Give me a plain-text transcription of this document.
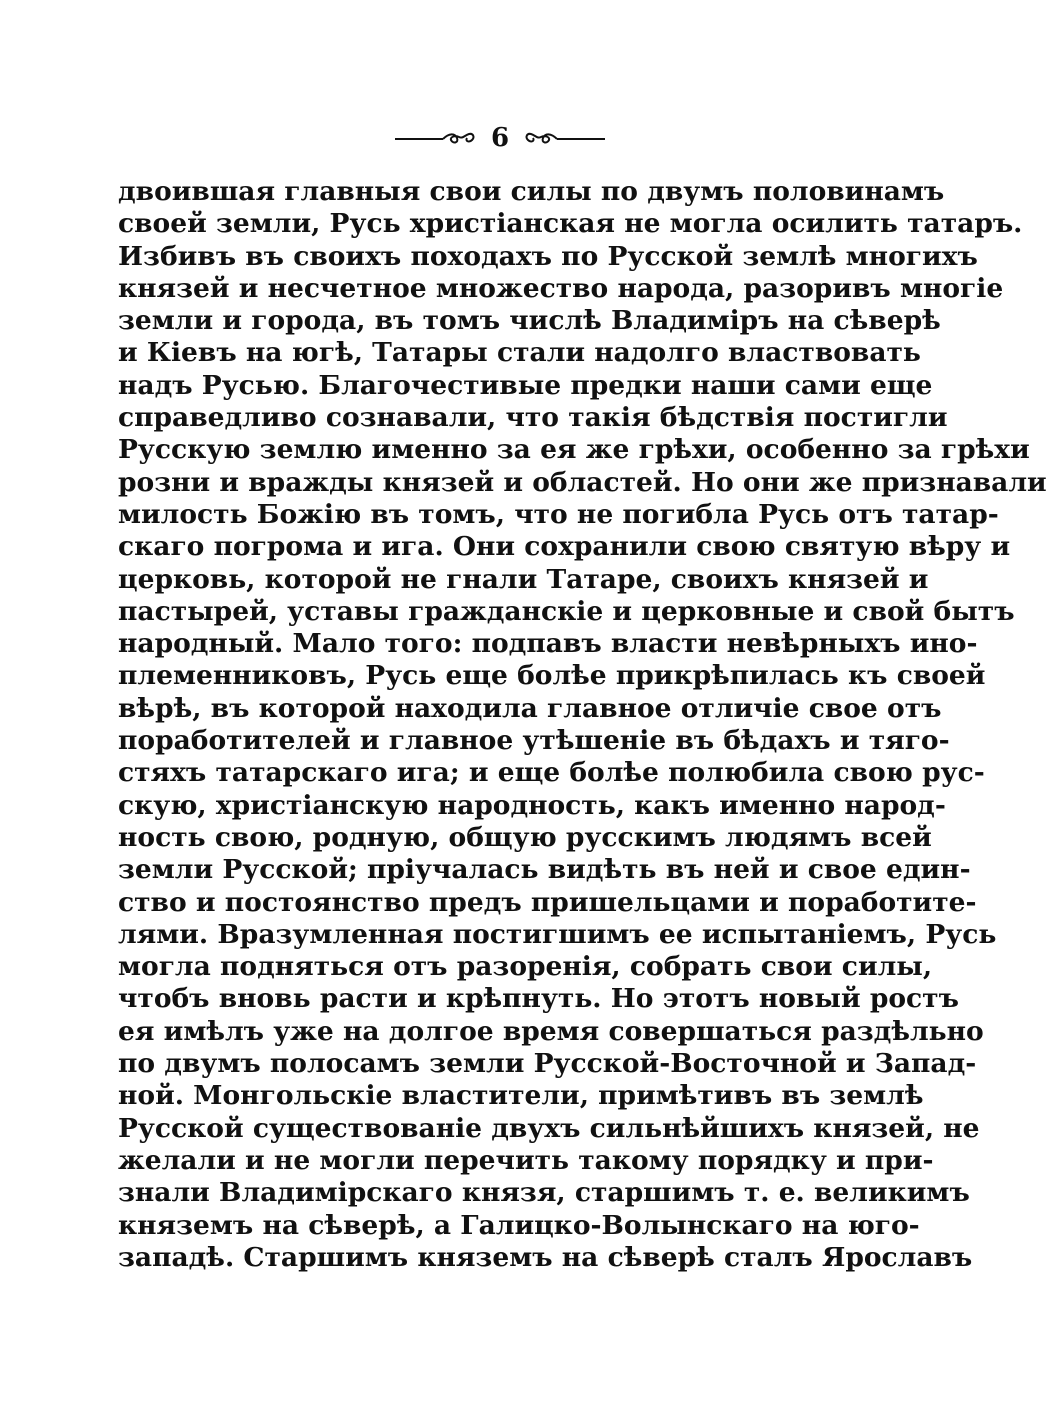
6
двоившая главныя свои силы по двумъ половинамъ
своей земли, Русь христіанская не могла осилить татаръ.
Избивъ въ своихъ походахъ по Русской землѣ многихъ
князей и несчетное множество народа, разоривъ многіе
земли и города, въ томъ числѣ Владиміръ на сѣверѣ
и Кіевъ на югѣ, Татары стали надолго властвовать
надъ Русью. Благочестивые предки наши сами еще
справедливо сознавали, что такія бѣдствія постигли
Русскую землю именно за ея же грѣхи, особенно за грѣхи
розни и вражды князей и областей. Но они же признавали
милость Божію въ томъ, что не погибла Русь отъ татар-
скаго погрома и ига. Они сохранили свою святую вѣру и
церковь, которой не гнали Татаре, своихъ князей и
пастырей, уставы гражданскіе и церковные и свой бытъ
народный. Мало того: подпавъ власти невѣрныхъ ино-
племенниковъ, Русь еще болѣе прикрѣпилась къ своей
вѣрѣ, въ которой находила главное отличіе свое отъ
поработителей и главное утѣшеніе въ бѣдахъ и тяго-
стяхъ татарскаго ига; и еще болѣе полюбила свою рус-
скую, христіанскую народность, какъ именно народ-
ность свою, родную, общую русскимъ людямъ всей
земли Русской; пріучалась видѣть въ ней и свое един-
ство и постоянство предъ пришельцами и поработите-
лями. Вразумленная постигшимъ ее испытаніемъ, Русь
могла подняться отъ разоренія, собрать свои силы,
чтобъ вновь расти и крѣпнуть. Но этотъ новый ростъ
ея имѣлъ уже на долгое время совершаться раздѣльно
по двумъ полосамъ земли Русской-Восточной и Запад-
ной. Монгольскіе властители, примѣтивъ въ землѣ
Русской существованіе двухъ сильнѣйшихъ князей, не
желали и не могли перечить такому порядку и при-
знали Владимірскаго князя, старшимъ т. е. великимъ
княземъ на сѣверѣ, а Галицко-Волынскаго на юго-
западѣ. Старшимъ княземъ на сѣверѣ сталъ Ярославъ
